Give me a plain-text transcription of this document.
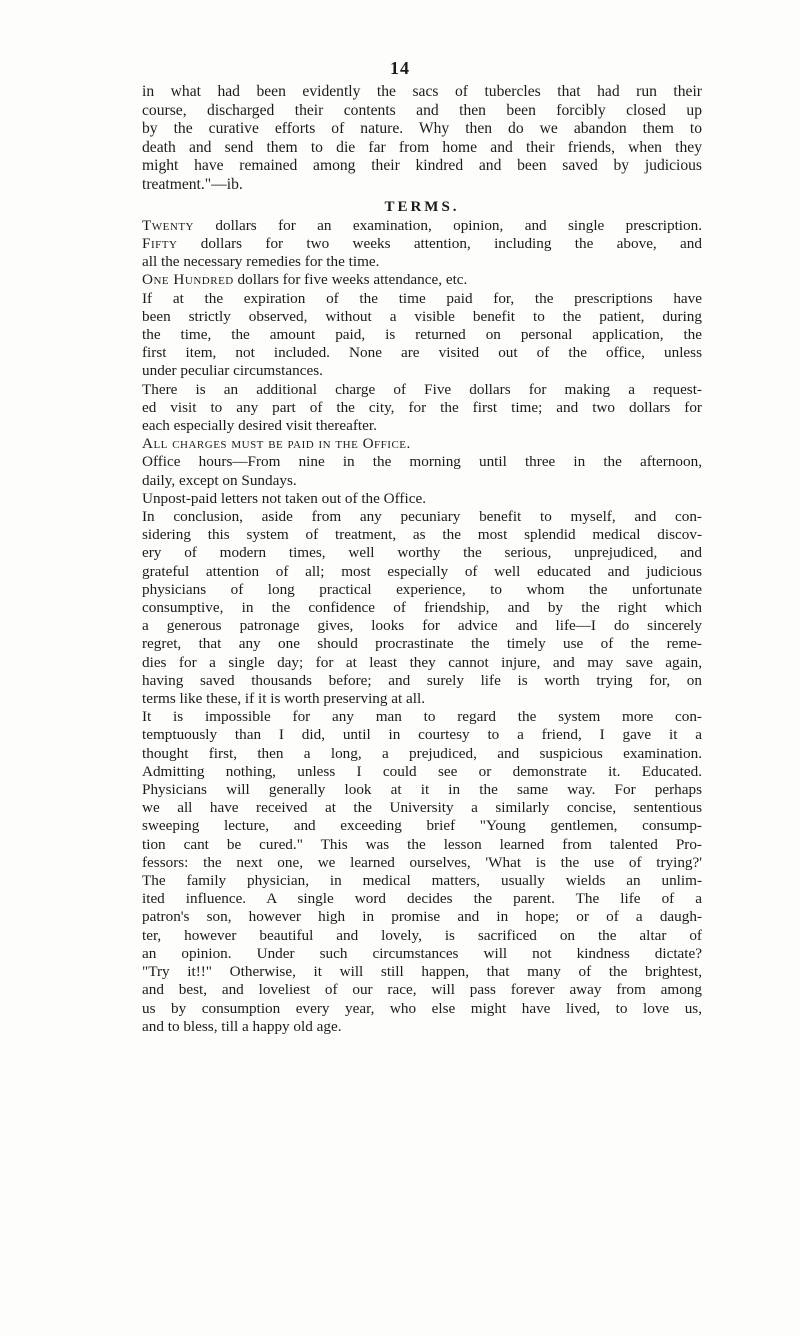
14

in what had been evidently the sacs of tubercles that had run their

course, discharged their contents and then been forcibly closed up

by the curative efforts of nature. Why then do we abandon them to

death and send them to die far from home and their friends, when they

might have remained among their kindred and been saved by judicious

treatment."—ib.

TERMS.

Twenty dollars for an examination, opinion, and single prescription.

Fifty dollars for two weeks attention, including the above, and

all the necessary remedies for the time.

One Hundred dollars for five weeks attendance, etc.

If at the expiration of the time paid for, the prescriptions have

been strictly observed, without a visible benefit to the patient, during

the time, the amount paid, is returned on personal application, the

first item, not included. None are visited out of the office, unless

under peculiar circumstances.

There is an additional charge of Five dollars for making a request-

ed visit to any part of the city, for the first time; and two dollars for

each especially desired visit thereafter.

All charges must be paid in the Office.

Office hours—From nine in the morning until three in the afternoon,

daily, except on Sundays.

Unpost-paid letters not taken out of the Office.

In conclusion, aside from any pecuniary benefit to myself, and con-

sidering this system of treatment, as the most splendid medical discov-

ery of modern times, well worthy the serious, unprejudiced, and

grateful attention of all; most especially of well educated and judicious

physicians of long practical experience, to whom the unfortunate

consumptive, in the confidence of friendship, and by the right which

a generous patronage gives, looks for advice and life—I do sincerely

regret, that any one should procrastinate the timely use of the reme-

dies for a single day; for at least they cannot injure, and may save again,

having saved thousands before; and surely life is worth trying for, on

terms like these, if it is worth preserving at all.

It is impossible for any man to regard the system more con-

temptuously than I did, until in courtesy to a friend, I gave it a

thought first, then a long, a prejudiced, and suspicious examination.

Admitting nothing, unless I could see or demonstrate it. Educated.

Physicians will generally look at it in the same way. For perhaps

we all have received at the University a similarly concise, sententious

sweeping lecture, and exceeding brief "Young gentlemen, consump-

tion cant be cured." This was the lesson learned from talented Pro-

fessors: the next one, we learned ourselves, 'What is the use of trying?'

The family physician, in medical matters, usually wields an unlim-

ited influence. A single word decides the parent. The life of a

patron's son, however high in promise and in hope; or of a daugh-

ter, however beautiful and lovely, is sacrificed on the altar of

an opinion. Under such circumstances will not kindness dictate?

"Try it!!" Otherwise, it will still happen, that many of the brightest,

and best, and loveliest of our race, will pass forever away from among

us by consumption every year, who else might have lived, to love us,

and to bless, till a happy old age.
